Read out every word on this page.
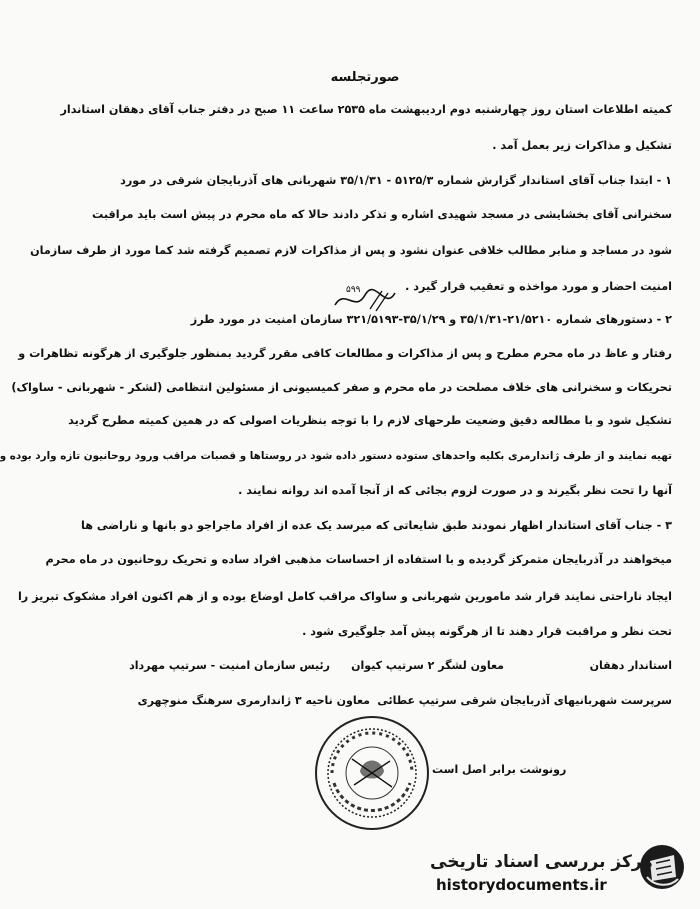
صورتجلسه
کمیته اطلاعات استان روز چهارشنبه دوم اردیبهشت ماه ۲۵۳۵ ساعت ۱۱ صبح در دفتر جناب آقای دهقان استاندار
تشکیل و مذاکرات زیر بعمل آمد .
۱ - ابتدا جناب آقای استاندار گزارش شماره ۵۱۲۵/۳ - ۳۵/۱/۳۱ شهربانی های آذربایجان شرقی در مورد
سخنرانی آقای بخشایشی در مسجد شهیدی اشاره و تذکر دادند حالا که ماه محرم در پیش است باید مراقبت
شود در مساجد و منابر مطالب خلافی عنوان نشود و پس از مذاکرات لازم تصمیم گرفته شد کما مورد از طرف سازمان
امنیت احضار و مورد مواخذه و تعقیب قرار گیرد .
۲ - دستورهای شماره ۲۱/۵۲۱۰-۳۵/۱/۳۱ و ۳۵/۱/۲۹-۳۲۱/۵۱۹۳ سازمان امنیت در مورد طرز
رفتار و عاظ در ماه محرم مطرح و پس از مذاکرات و مطالعات کافی مقرر گردید بمنظور جلوگیری از هرگونه تظاهرات و
تحریکات و سخنرانی های خلاف مصلحت در ماه محرم و صفر کمیسیونی از مسئولین انتظامی (لشکر - شهربانی - ساواک)
تشکیل شود و با مطالعه دقیق وضعیت طرحهای لازم را با توجه بنظریات اصولی که در همین کمیته مطرح گردید
تهیه نمایند و از طرف ژاندارمری بکلیه واحدهای ستوده دستور داده شود در روستاها و قصبات مراقب ورود روحانیون تازه وارد بوده و
آنها را تحت نظر بگیرند و در صورت لزوم بجائی که از آنجا آمده اند روانه نمایند .
۳ - جناب آقای استاندار اظهار نمودند طبق شایعاتی که میرسد یک عده از افراد ماجراجو دو بانها و ناراضی ها
میخواهند در آذربایجان متمرکز گردیده و با استفاده از احساسات مذهبی افراد ساده و تحریک روحانیون در ماه محرم
ایجاد ناراحتی نمایند قرار شد مامورین شهربانی و ساواک مراقب کامل اوضاع بوده و از هم اکنون افراد مشکوک تبریز را
تحت نظر و مراقبت قرار دهند تا از هرگونه پیش آمد جلوگیری شود .
استاندار دهقان
معاون لشگر ۲ سرتیپ کیوان
رئیس سازمان امنیت - سرتیپ مهرداد
سرپرست شهربانیهای آذربایجان شرقی سرتیپ عطائی
معاون ناحیه ۳ ژاندارمری سرهنگ منوچهری
۵۹۹
رونوشت برابر اصل است
مرکز بررسی اسناد تاریخی
historydocuments.ir
